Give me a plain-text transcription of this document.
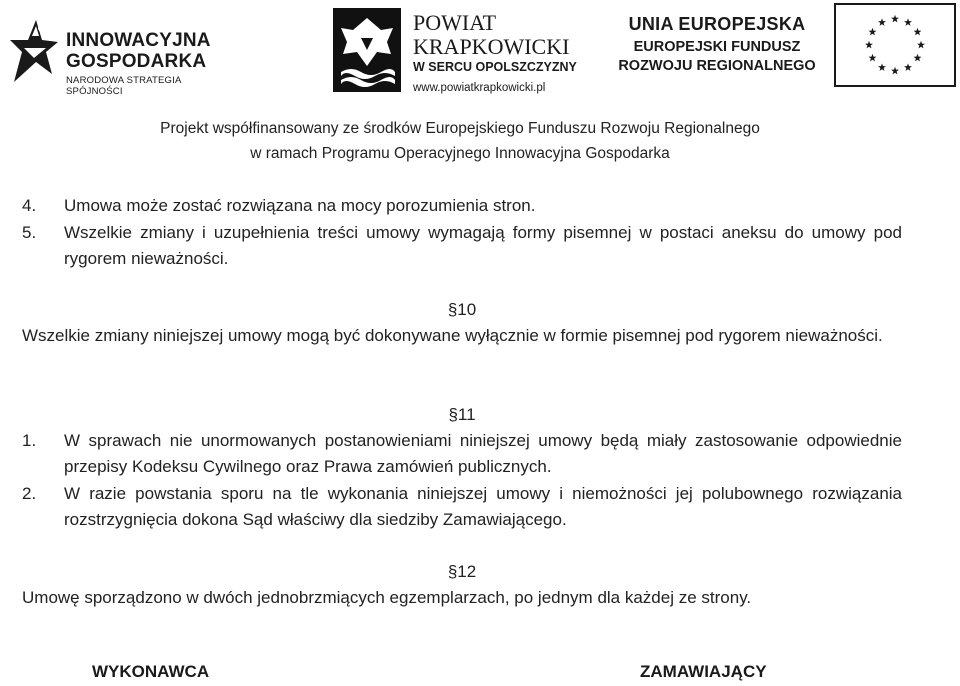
INNOWACYJNA
GOSPODARKA
NARODOWA STRATEGIA SPÓJNOŚCI
POWIAT
KRAPKOWICKI
W SERCU OPOLSZCZYZNY
www.powiatkrapkowicki.pl
UNIA EUROPEJSKA
EUROPEJSKI FUNDUSZ
ROZWOJU REGIONALNEGO
Projekt współfinansowany ze środków Europejskiego Funduszu Rozwoju Regionalnego
w ramach Programu Operacyjnego Innowacyjna Gospodarka
4. Umowa może zostać rozwiązana na mocy porozumienia stron.
5. Wszelkie zmiany i uzupełnienia treści umowy wymagają formy pisemnej w postaci aneksu do umowy pod rygorem nieważności.
§10
Wszelkie zmiany niniejszej umowy mogą być dokonywane wyłącznie w formie pisemnej pod rygorem nieważności.
§11
1. W sprawach nie unormowanych postanowieniami niniejszej umowy będą miały zastosowanie odpowiednie przepisy Kodeksu Cywilnego oraz Prawa zamówień publicznych.
2. W razie powstania sporu na tle wykonania niniejszej umowy i niemożności jej polubownego rozwiązania rozstrzygnięcia dokona Sąd właściwy dla siedziby Zamawiającego.
§12
Umowę sporządzono w dwóch jednobrzmiących egzemplarzach, po jednym dla każdej ze strony.
WYKONAWCA	ZAMAWIAJĄCY
